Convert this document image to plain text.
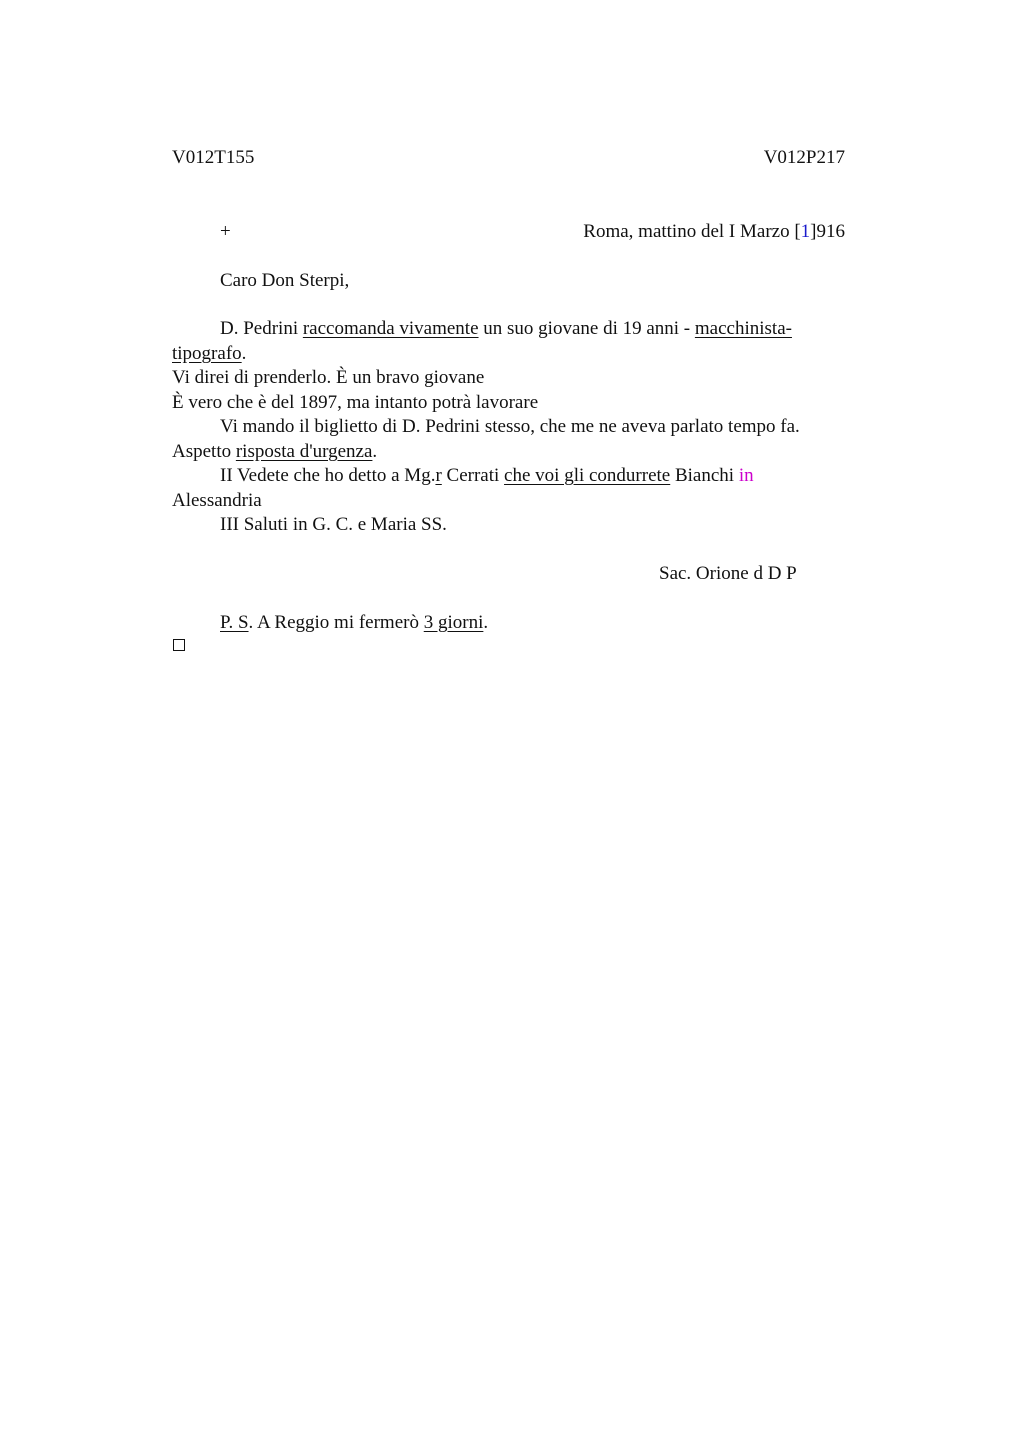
V012T155	V012P217
+	Roma, mattino del I Marzo [1]916
Caro Don Sterpi,
D. Pedrini raccomanda vivamente un suo giovane di 19 anni - macchinista-
tipografo.
Vi direi di prenderlo. È un bravo giovane
È vero che è del 1897, ma intanto potrà lavorare
Vi mando il biglietto di D. Pedrini stesso, che me ne aveva parlato tempo fa.
Aspetto risposta d'urgenza.
II Vedete che ho detto a Mg.r Cerrati che voi gli condurrete Bianchi in
Alessandria
III Saluti in G. C. e Maria SS.
Sac. Orione d D P
P. S. A Reggio mi fermerò 3 giorni.
